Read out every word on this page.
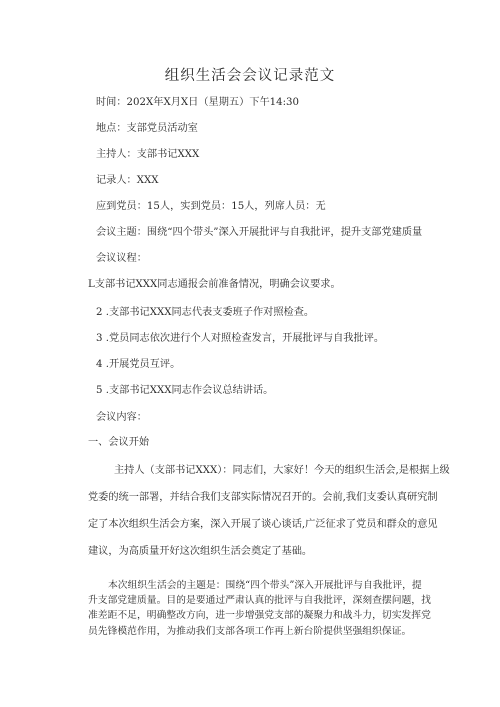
组织生活会会议记录范文
时间：202X年X月X日（星期五）下午14:30
地点：支部党员活动室
主持人：支部书记XXX
记录人：XXX
应到党员：15人，实到党员：15人，列席人员：无
会议主题：围绕“四个带头”深入开展批评与自我批评，提升支部党建质量
会议议程：
L支部书记XXX同志通报会前准备情况，明确会议要求。
2 .支部书记XXX同志代表支委班子作对照检查。
3 .党员同志依次进行个人对照检查发言，开展批评与自我批评。
4 .开展党员互评。
5 .支部书记XXX同志作会议总结讲话。
会议内容：
一、会议开始
主持人（支部书记XXX）：同志们，大家好！今天的组织生活会,是根据上级
党委的统一部署，并结合我们支部实际情况召开的。会前,我们支委认真研究制
定了本次组织生活会方案，深入开展了谈心谈话,广泛征求了党员和群众的意见
建议，为高质量开好这次组织生活会奠定了基础。
本次组织生活会的主题是：围绕“四个带头”深入开展批评与自我批评，提
升支部党建质量。目的是要通过严肃认真的批评与自我批评，深刻查摆问题，找
准差距不足，明确整改方向，进一步增强党支部的凝聚力和战斗力，切实发挥党
员先锋模范作用，为推动我们支部各项工作再上新台阶提供坚强组织保证。
